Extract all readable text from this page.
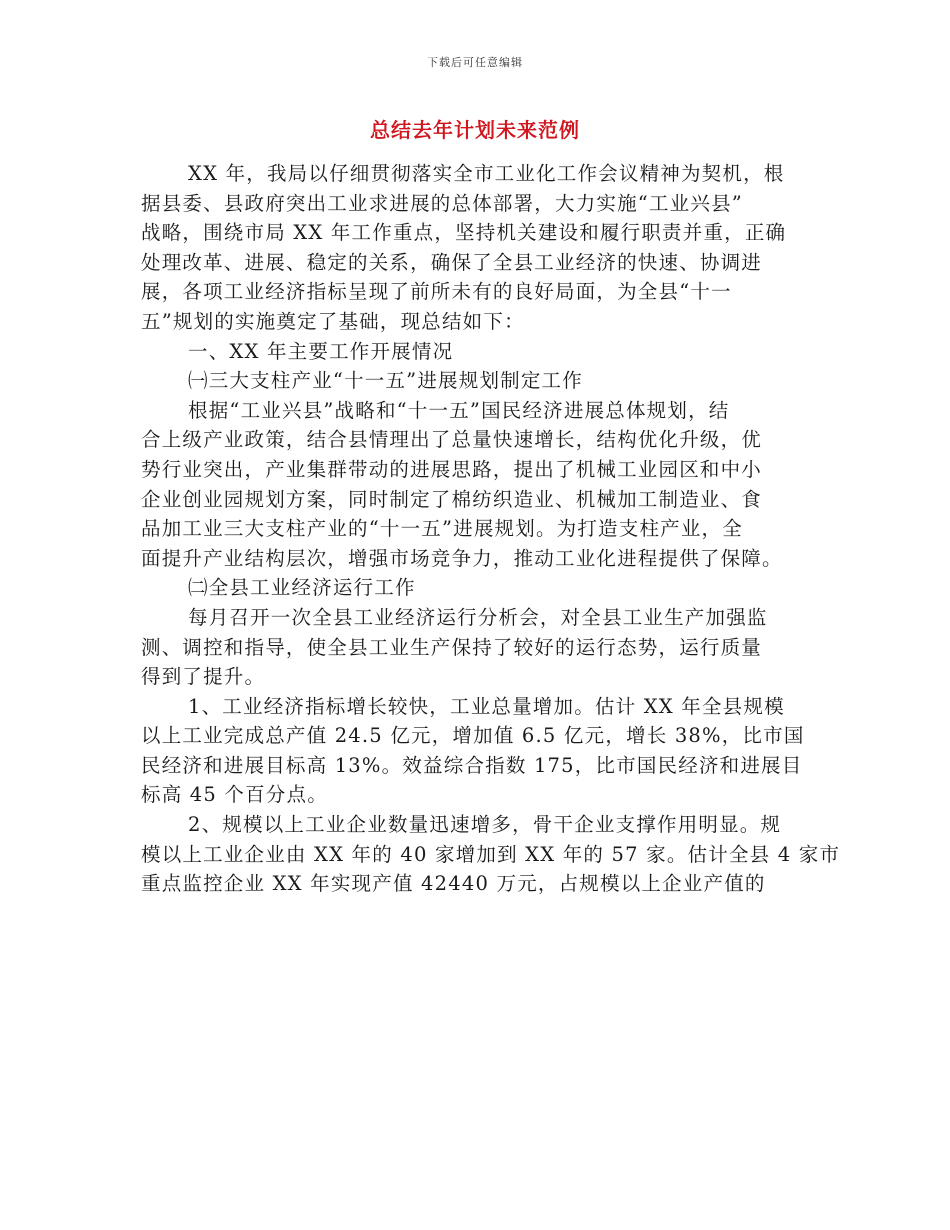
下载后可任意编辑
总结去年计划未来范例
XX 年，我局以仔细贯彻落实全市工业化工作会议精神为契机，根
据县委、县政府突出工业求进展的总体部署，大力实施“工业兴县”
战略，围绕市局 XX 年工作重点，坚持机关建设和履行职责并重，正确
处理改革、进展、稳定的关系，确保了全县工业经济的快速、协调进
展，各项工业经济指标呈现了前所未有的良好局面，为全县“十一
五”规划的实施奠定了基础，现总结如下：
一、XX 年主要工作开展情况
㈠三大支柱产业“十一五”进展规划制定工作
根据“工业兴县”战略和“十一五”国民经济进展总体规划，结
合上级产业政策，结合县情理出了总量快速增长，结构优化升级，优
势行业突出，产业集群带动的进展思路，提出了机械工业园区和中小
企业创业园规划方案，同时制定了棉纺织造业、机械加工制造业、食
品加工业三大支柱产业的“十一五”进展规划。为打造支柱产业，全
面提升产业结构层次，增强市场竞争力，推动工业化进程提供了保障。
㈡全县工业经济运行工作
每月召开一次全县工业经济运行分析会，对全县工业生产加强监
测、调控和指导，使全县工业生产保持了较好的运行态势，运行质量
得到了提升。
1、工业经济指标增长较快，工业总量增加。估计 XX 年全县规模
以上工业完成总产值 24.5 亿元，增加值 6.5 亿元，增长 38%，比市国
民经济和进展目标高 13%。效益综合指数 175，比市国民经济和进展目
标高 45 个百分点。
2、规模以上工业企业数量迅速增多，骨干企业支撑作用明显。规
模以上工业企业由 XX 年的 40 家增加到 XX 年的 57 家。估计全县 4 家市
重点监控企业 XX 年实现产值 42440 万元，占规模以上企业产值的
